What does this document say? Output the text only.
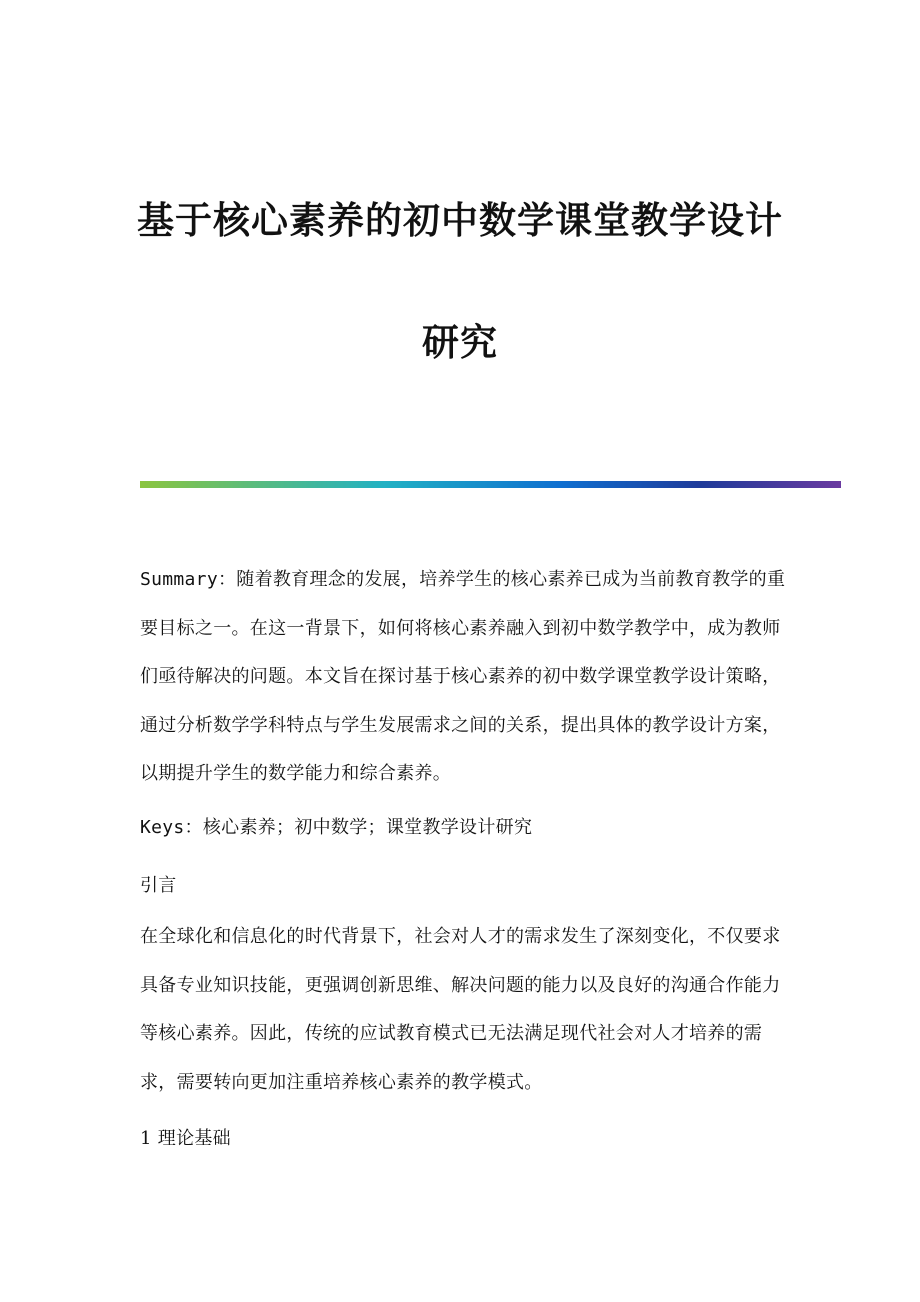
基于核心素养的初中数学课堂教学设计
研究

Summary：随着教育理念的发展，培养学生的核心素养已成为当前教育教学的重要目标之一。在这一背景下，如何将核心素养融入到初中数学教学中，成为教师们亟待解决的问题。本文旨在探讨基于核心素养的初中数学课堂教学设计策略，通过分析数学学科特点与学生发展需求之间的关系，提出具体的教学设计方案，以期提升学生的数学能力和综合素养。

Keys：核心素养；初中数学；课堂教学设计研究

引言

在全球化和信息化的时代背景下，社会对人才的需求发生了深刻变化，不仅要求具备专业知识技能，更强调创新思维、解决问题的能力以及良好的沟通合作能力等核心素养。因此，传统的应试教育模式已无法满足现代社会对人才培养的需求，需要转向更加注重培养核心素养的教学模式。

1 理论基础
